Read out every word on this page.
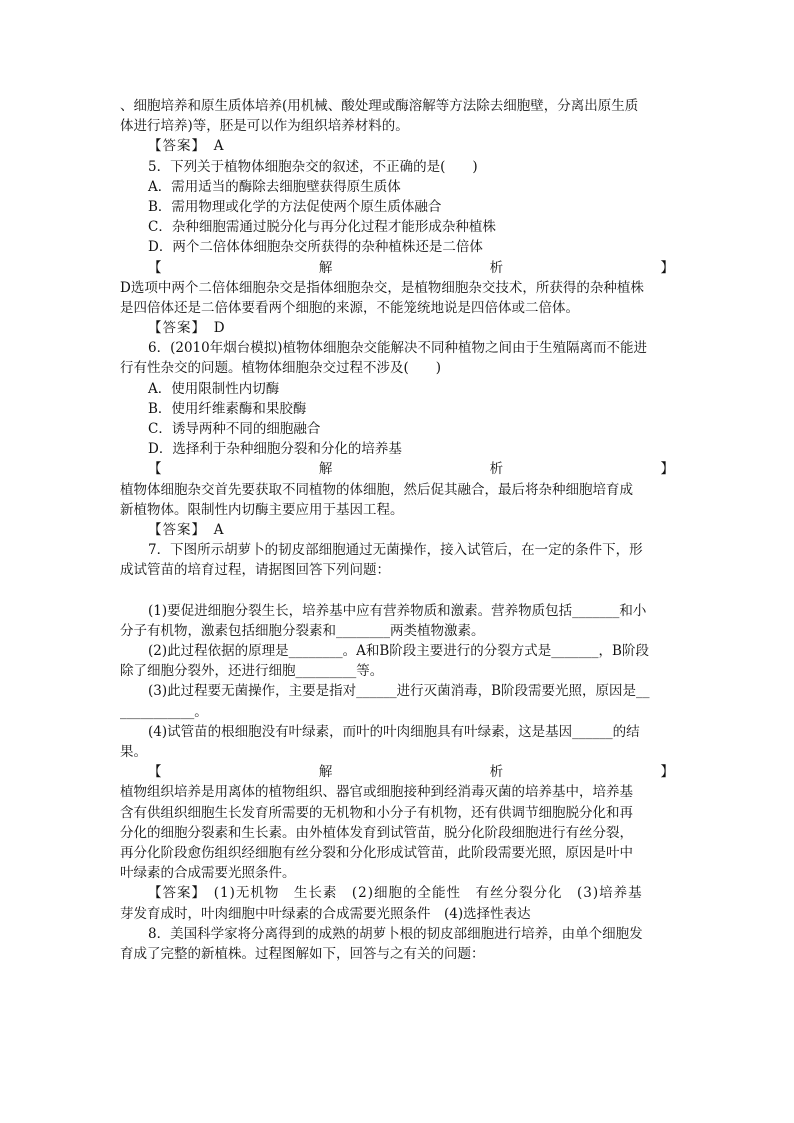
、细胞培养和原生质体培养(用机械、酸处理或酶溶解等方法除去细胞壁，分离出原生质
体进行培养)等，胚是可以作为组织培养材料的。
【答案】　A
5．下列关于植物体细胞杂交的叙述，不正确的是(　　)
A．需用适当的酶除去细胞壁获得原生质体
B．需用物理或化学的方法促使两个原生质体融合
C．杂种细胞需通过脱分化与再分化过程才能形成杂种植株
D．两个二倍体体细胞杂交所获得的杂种植株还是二倍体
【	解	析	】
D选项中两个二倍体细胞杂交是指体细胞杂交，是植物细胞杂交技术，所获得的杂种植株
是四倍体还是二倍体要看两个细胞的来源，不能笼统地说是四倍体或二倍体。
【答案】　D
6．(2010年烟台模拟)植物体细胞杂交能解决不同种植物之间由于生殖隔离而不能进
行有性杂交的问题。植物体细胞杂交过程不涉及(　　)
A．使用限制性内切酶
B．使用纤维素酶和果胶酶
C．诱导两种不同的细胞融合
D．选择利于杂种细胞分裂和分化的培养基
【	解	析	】
植物体细胞杂交首先要获取不同植物的体细胞，然后促其融合，最后将杂种细胞培育成
新植物体。限制性内切酶主要应用于基因工程。
【答案】　A
7．下图所示胡萝卜的韧皮部细胞通过无菌操作，接入试管后，在一定的条件下，形
成试管苗的培育过程，请据图回答下列问题：
(1)要促进细胞分裂生长，培养基中应有营养物质和激素。营养物质包括_______和小
分子有机物，激素包括细胞分裂素和________两类植物激素。
(2)此过程依据的原理是________。A和B阶段主要进行的分裂方式是_______，B阶段
除了细胞分裂外，还进行细胞_________等。
(3)此过程要无菌操作，主要是指对______进行灭菌消毒，B阶段需要光照，原因是__
___________。
(4)试管苗的根细胞没有叶绿素，而叶的叶肉细胞具有叶绿素，这是基因______的结
果。
【	解	析	】
植物组织培养是用离体的植物组织、器官或细胞接种到经消毒灭菌的培养基中，培养基
含有供组织细胞生长发育所需要的无机物和小分子有机物，还有供调节细胞脱分化和再
分化的细胞分裂素和生长素。由外植体发育到试管苗，脱分化阶段细胞进行有丝分裂，
再分化阶段愈伤组织经细胞有丝分裂和分化形成试管苗，此阶段需要光照，原因是叶中
叶绿素的合成需要光照条件。
【答案】　(1)无机物　生长素　(2)细胞的全能性　有丝分裂分化　(3)培养基
芽发育成时，叶肉细胞中叶绿素的合成需要光照条件　(4)选择性表达
8．美国科学家将分离得到的成熟的胡萝卜根的韧皮部细胞进行培养，由单个细胞发
育成了完整的新植株。过程图解如下，回答与之有关的问题：
